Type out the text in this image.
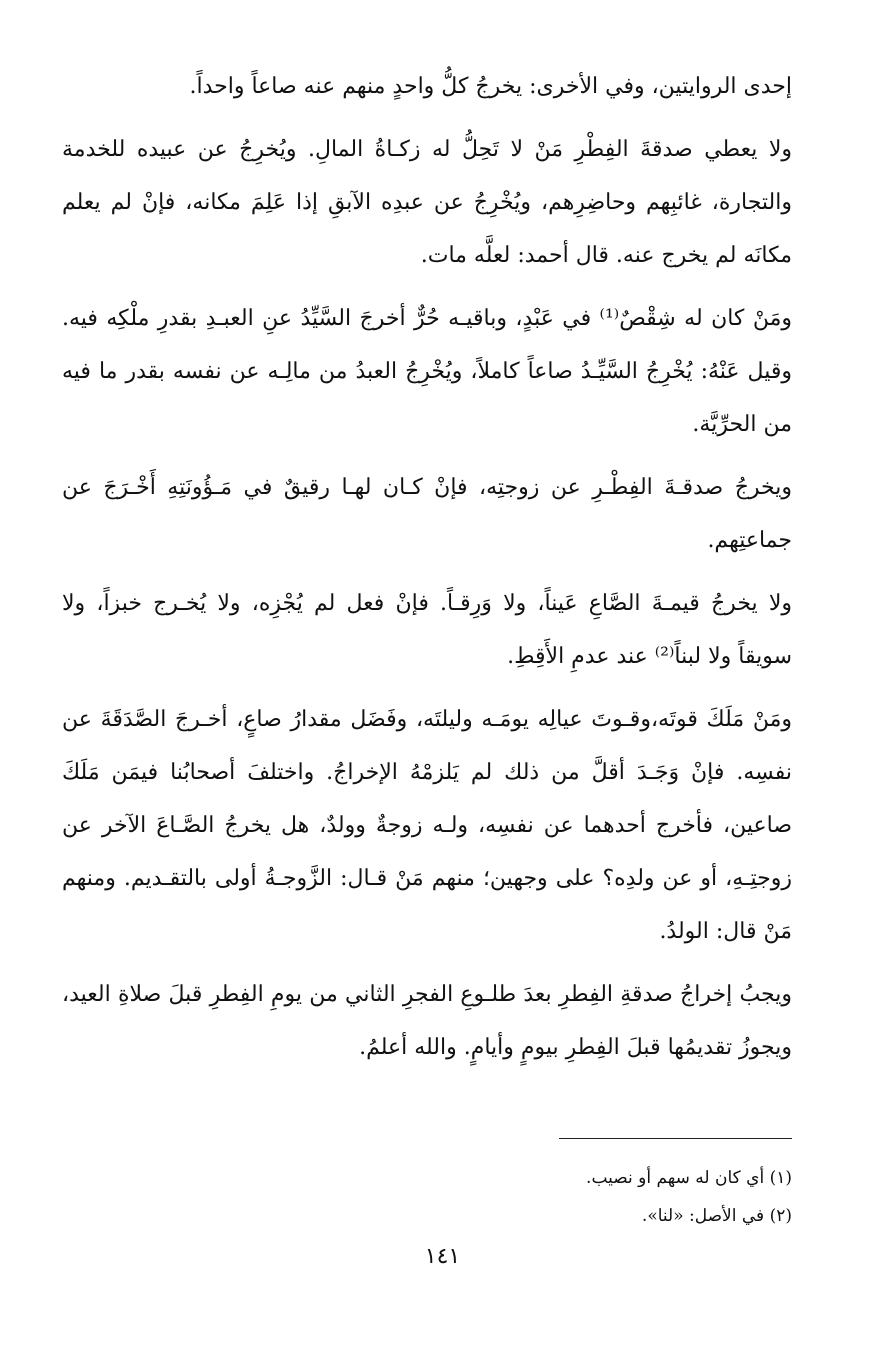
إحدى الروايتين، وفي الأخرى: يخرجُ كلُّ واحدٍ منهم عنه صاعاً واحداً.

ولا يعطي صدقةَ الفِطْرِ مَنْ لا تَحِلُّ له زكـاةُ المالِ. ويُخرِجُ عن عبيده للخدمة والتجارة، غائبِهم وحاضِرِهم، ويُخْرِجُ عن عبدِه الآبقِ إذا عَلِمَ مكانه، فإنْ لم يعلم مكانَه لم يخرج عنه. قال أحمد: لعلَّه مات.

ومَنْ كان له شِقْصٌ⁽¹⁾ في عَبْدٍ، وباقيـه حُرٌّ أخرجَ السَّيِّدُ عنِ العبـدِ بقدرِ ملْكِه فيه. وقيل عَنْهُ: يُخْرِجُ السَّيِّـدُ صاعاً كاملاً، ويُخْرِجُ العبدُ من مالِـه عن نفسه بقدر ما فيه من الحرِّيَّة.

ويخرجُ صدقـةَ الفِطْـرِ عن زوجتِه، فإنْ كـان لهـا رقيقٌ في مَـؤُونَتِهِ أَخْـرَجَ عن جماعتِهم.

ولا يخرجُ قيمـةَ الصَّاعِ عَيناً، ولا وَرِقـاً. فإنْ فعل لم يُجْزِه، ولا يُخـرج خبزاً، ولا سويقاً ولا لبناً⁽²⁾ عند عدمِ الأَقِطِ.

ومَنْ مَلَكَ قوتَه،وقـوتَ عيالِه يومَـه وليلتَه، وفَضَل مقدارُ صاعٍ، أخـرجَ الصَّدَقَةَ عن نفسِه. فإنْ وَجَـدَ أقلَّ من ذلك لم يَلزمْهُ الإخراجُ. واختلفَ أصحابُنا فيمَن مَلَكَ صاعين، فأخرج أحدهما عن نفسِه، ولـه زوجةٌ وولدٌ، هل يخرجُ الصَّـاعَ الآخر عن زوجتِـهِ، أو عن ولدِه؟ على وجهين؛ منهم مَنْ قـال: الزَّوجـةُ أولى بالتقـديم. ومنهم مَنْ قال: الولدُ.

ويجبُ إخراجُ صدقةِ الفِطرِ بعدَ طلـوعِ الفجرِ الثاني من يومِ الفِطرِ قبلَ صلاةِ العيد، ويجوزُ تقديمُها قبلَ الفِطرِ بيومٍ وأيامٍ. والله أعلمُ.

(١) أي كان له سهم أو نصيب.

(٢) في الأصل: «لنا».

١٤١
